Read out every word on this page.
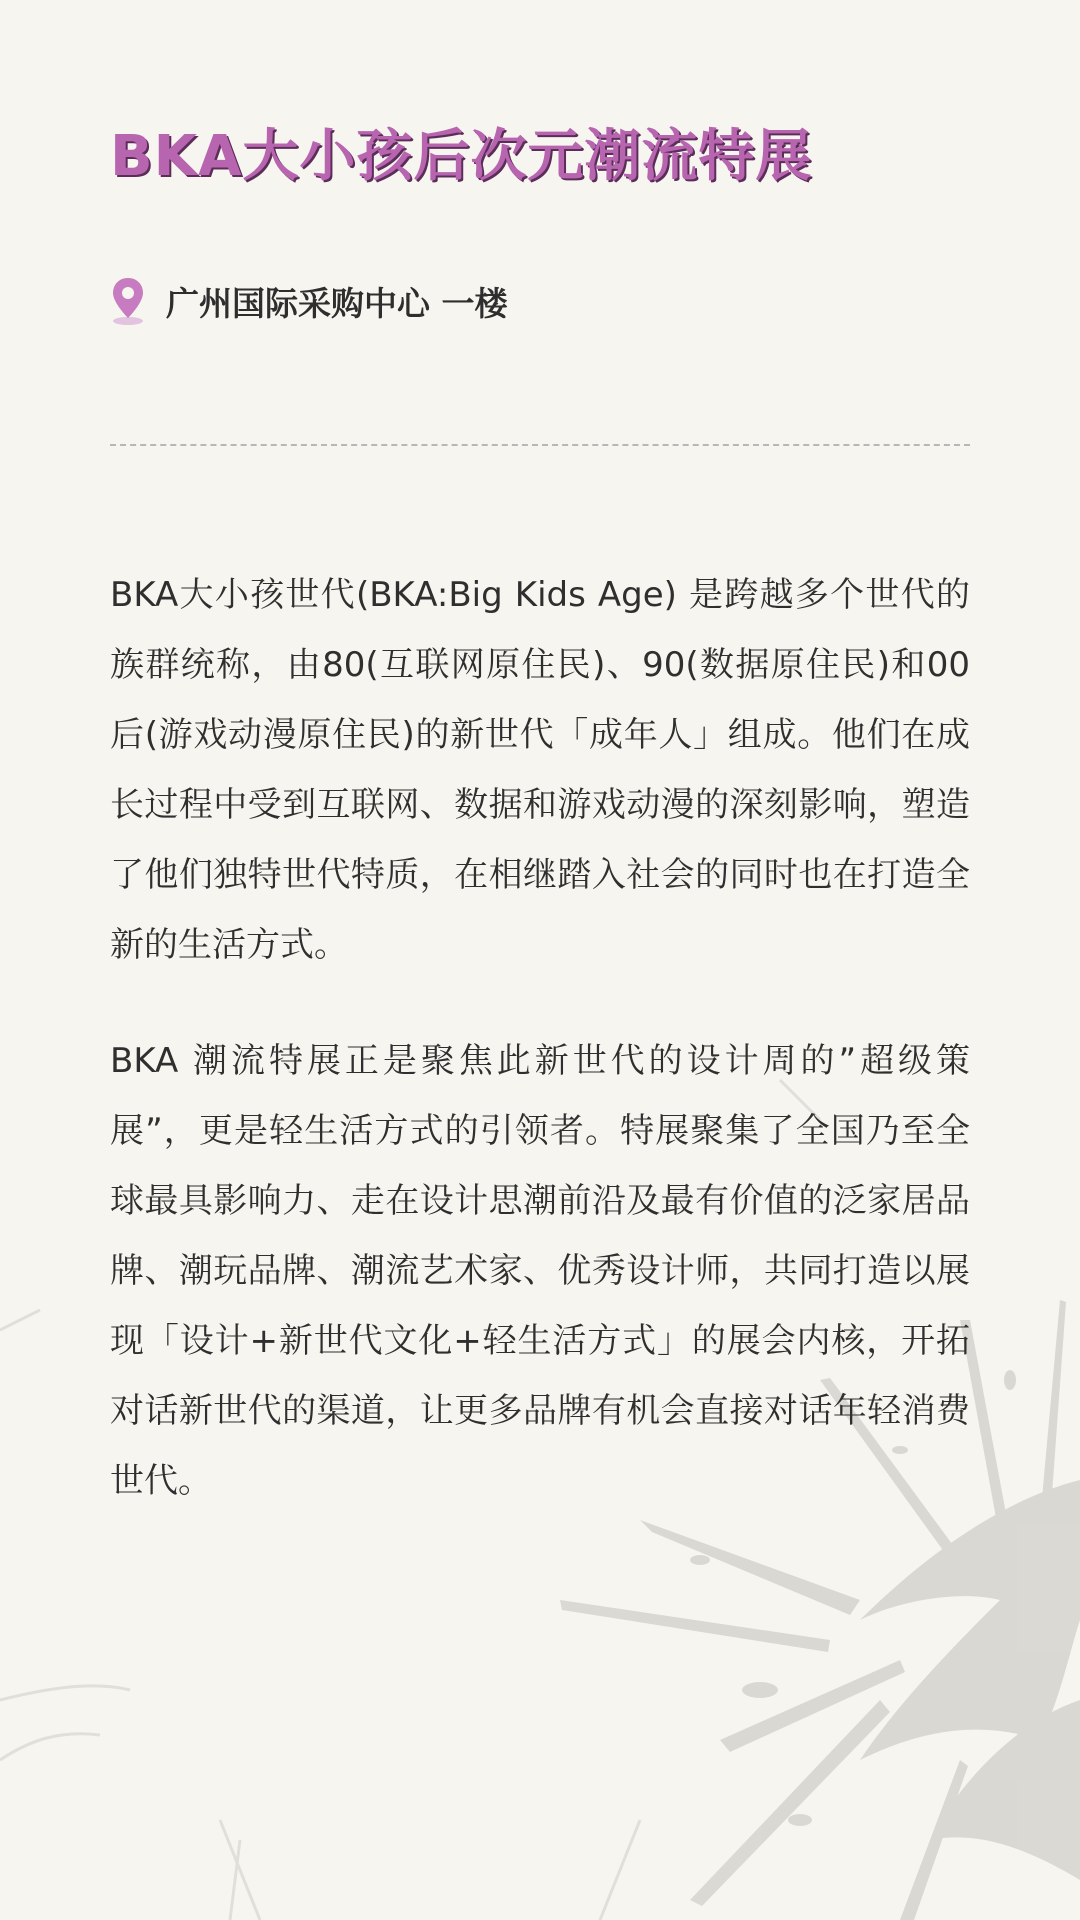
BKA大小孩后次元潮流特展
广州国际采购中心 一楼

BKA大小孩世代(BKA:Big Kids Age) 是跨越多个世代的族群统称，由80(互联网原住民)、90(数据原住民)和00后(游戏动漫原住民)的新世代「成年人」组成。他们在成长过程中受到互联网、数据和游戏动漫的深刻影响，塑造了他们独特世代特质，在相继踏入社会的同时也在打造全新的生活方式。

BKA 潮流特展正是聚焦此新世代的设计周的”超级策展”，更是轻生活方式的引领者。特展聚集了全国乃至全球最具影响力、走在设计思潮前沿及最有价值的泛家居品牌、潮玩品牌、潮流艺术家、优秀设计师，共同打造以展现「设计+新世代文化+轻生活方式」的展会内核，开拓对话新世代的渠道，让更多品牌有机会直接对话年轻消费世代。
